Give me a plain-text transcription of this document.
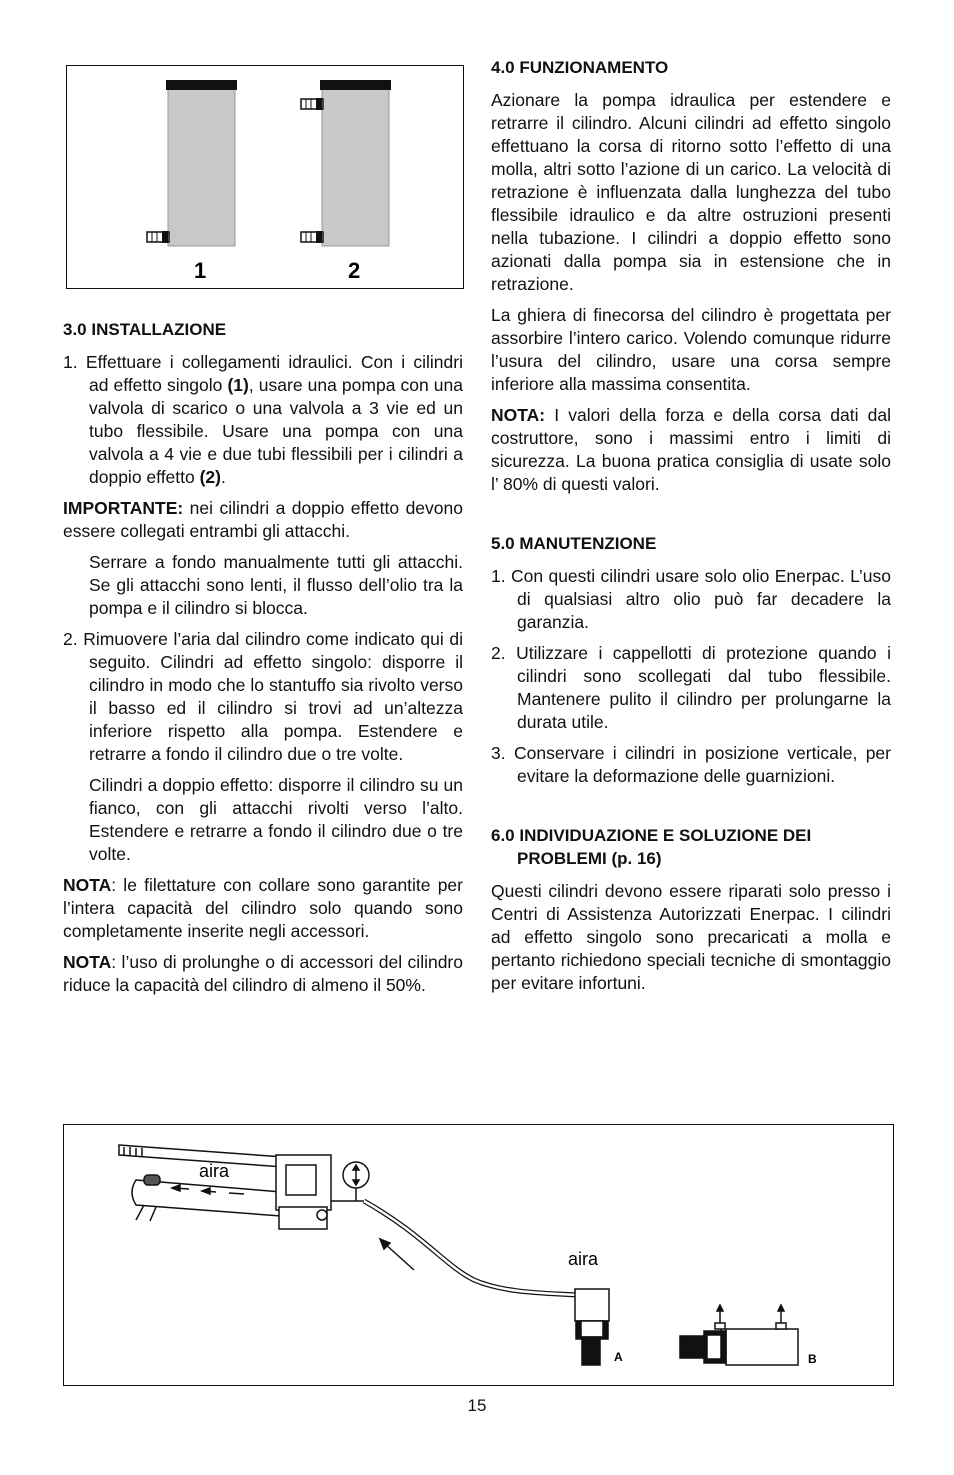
1	2
3.0 INSTALLAZIONE

1. Effettuare i collegamenti idraulici. Con i cilindri ad effetto singolo (1), usare una pompa con una valvola di scarico o una valvola a 3 vie ed un tubo flessibile. Usare una pompa con una valvola a 4 vie e due tubi flessibili per i cilindri a doppio effetto (2).

IMPORTANTE: nei cilindri a doppio effetto devono essere collegati entrambi gli attacchi.

Serrare a fondo manualmente tutti gli attacchi. Se gli attacchi sono lenti, il flusso dell’olio tra la pompa e il cilindro si blocca.

2. Rimuovere l’aria dal cilindro come indicato qui di seguito. Cilindri ad effetto singolo: disporre il cilindro in modo che lo stantuffo sia rivolto verso il basso ed il cilindro si trovi ad un’altezza inferiore rispetto alla pompa. Estendere e retrarre a fondo il cilindro due o tre volte.

Cilindri a doppio effetto: disporre il cilindro su un fianco, con gli attacchi rivolti verso l’alto. Estendere e retrarre a fondo il cilindro due o tre volte.

NOTA: le filettature con collare sono garantite per l’intera capacità del cilindro solo quando sono completamente inserite negli accessori.

NOTA: l’uso di prolunghe o di accessori del cilindro riduce la capacità del cilindro di almeno il 50%.

4.0 FUNZIONAMENTO

Azionare la pompa idraulica per estendere e retrarre il cilindro. Alcuni cilindri ad effetto singolo effettuano la corsa di ritorno sotto l’effetto di una molla, altri sotto l’azione di un carico. La velocità di retrazione è influenzata dalla lunghezza del tubo flessibile idraulico e da altre ostruzioni presenti nella tubazione. I cilindri a doppio effetto sono azionati dalla pompa sia in estensione che in retrazione.

La ghiera di finecorsa del cilindro è progettata per assorbire l’intero carico. Volendo comunque ridurre l’usura del cilindro, usare una corsa sempre inferiore alla massima consentita.

NOTA: I valori della forza e della corsa dati dal costruttore, sono i massimi entro i limiti di sicurezza. La buona pratica consiglia di usate solo l’ 80% di questi valori.

5.0 MANUTENZIONE

1. Con questi cilindri usare solo olio Enerpac. L’uso di qualsiasi altro olio può far decadere la garanzia.

2. Utilizzare i cappellotti di protezione quando i cilindri sono scollegati dal tubo flessibile. Mantenere pulito il cilindro per prolungarne la durata utile.

3. Conservare i cilindri in posizione verticale, per evitare la deformazione delle guarnizioni.

6.0 INDIVIDUAZIONE E SOLUZIONE DEI PROBLEMI (p. 16)

Questi cilindri devono essere riparati solo presso i Centri di Assistenza Autorizzati Enerpac. I cilindri ad effetto singolo sono precaricati a molla e pertanto richiedono speciali tecniche di smontaggio per evitare infortuni.

aira
aira
A	B
15
